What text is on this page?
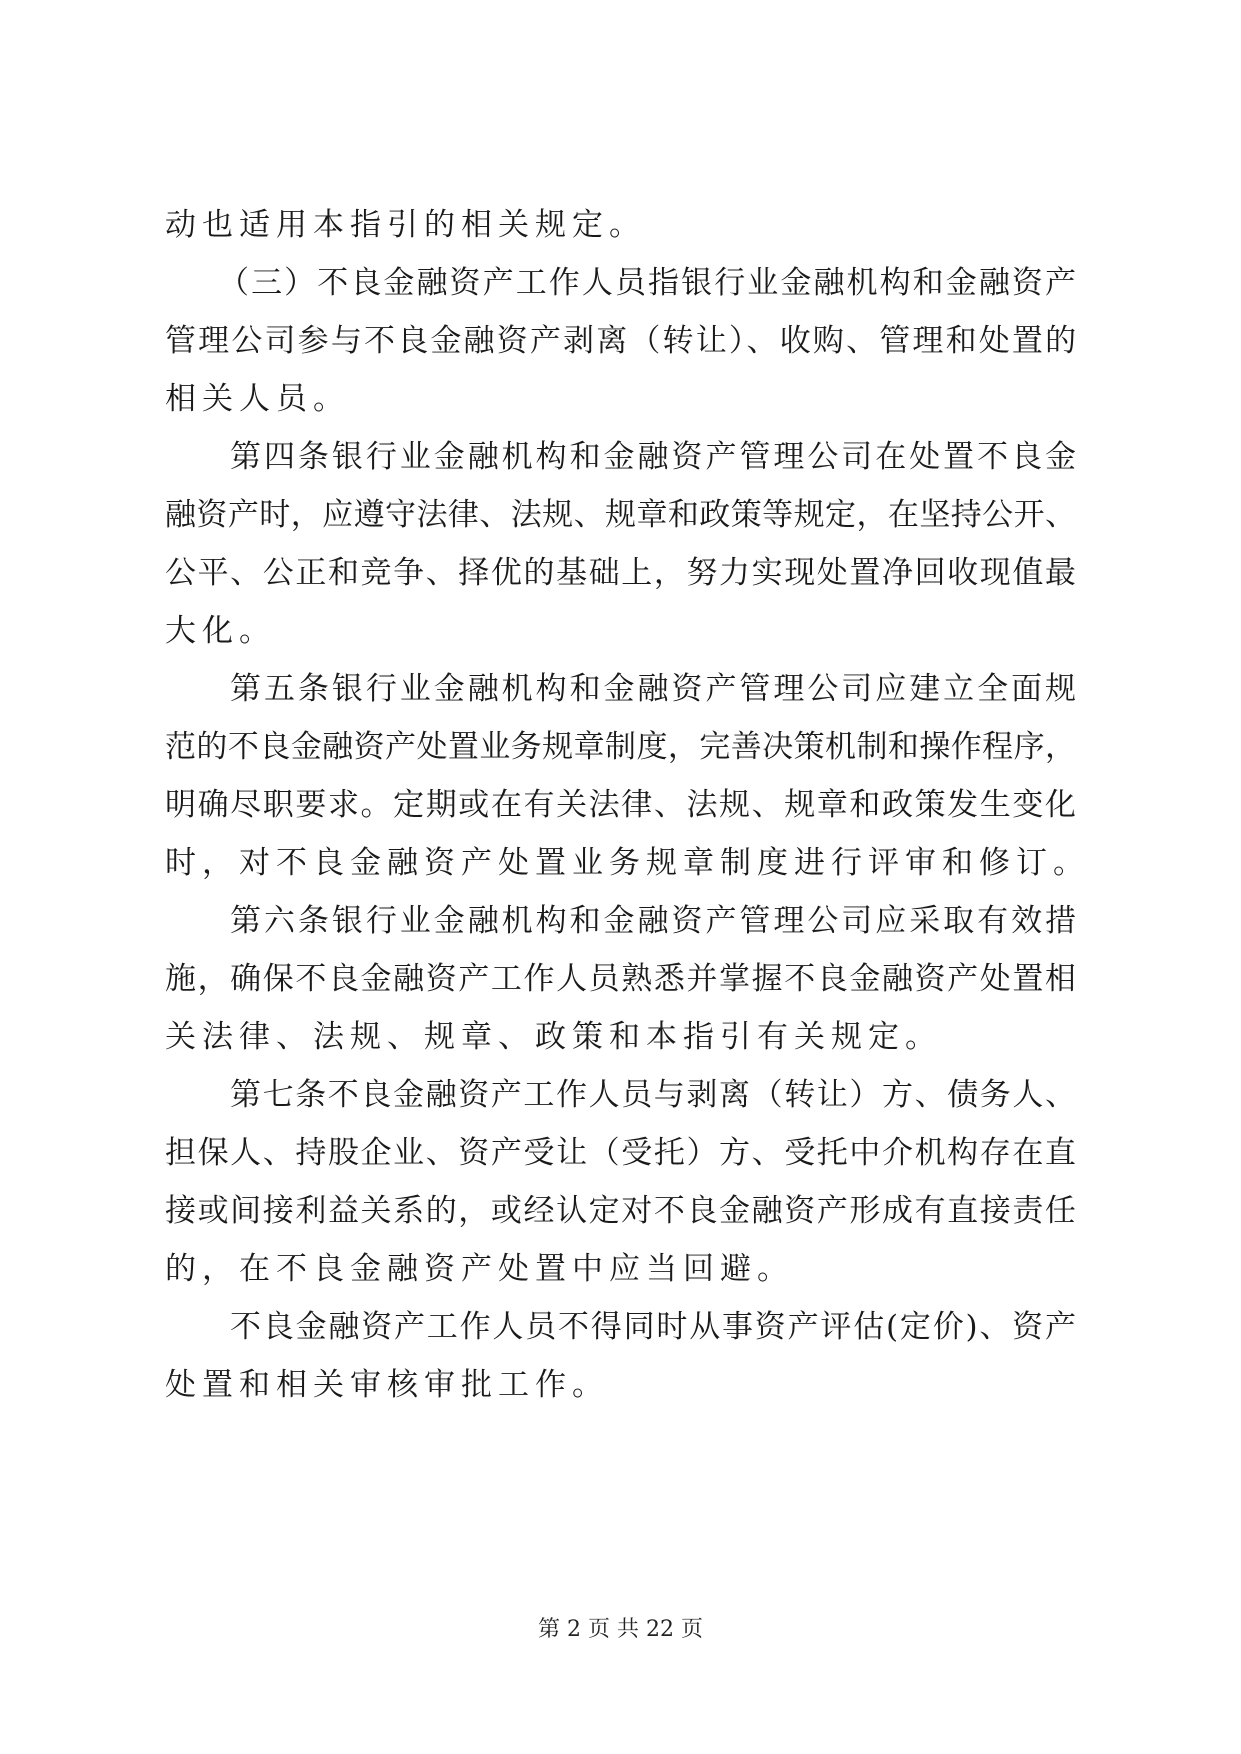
动也适用本指引的相关规定。
（三）不良金融资产工作人员指银行业金融机构和金融资产
管理公司参与不良金融资产剥离（转让）、收购、管理和处置的
相关人员。
第四条银行业金融机构和金融资产管理公司在处置不良金
融资产时，应遵守法律、法规、规章和政策等规定，在坚持公开、
公平、公正和竞争、择优的基础上，努力实现处置净回收现值最
大化。
第五条银行业金融机构和金融资产管理公司应建立全面规
范的不良金融资产处置业务规章制度，完善决策机制和操作程序，
明确尽职要求。定期或在有关法律、法规、规章和政策发生变化
时，对不良金融资产处置业务规章制度进行评审和修订。
第六条银行业金融机构和金融资产管理公司应采取有效措
施，确保不良金融资产工作人员熟悉并掌握不良金融资产处置相
关法律、法规、规章、政策和本指引有关规定。
第七条不良金融资产工作人员与剥离（转让）方、债务人、
担保人、持股企业、资产受让（受托）方、受托中介机构存在直
接或间接利益关系的，或经认定对不良金融资产形成有直接责任
的，在不良金融资产处置中应当回避。
不良金融资产工作人员不得同时从事资产评估(定价)、资产
处置和相关审核审批工作。
第 2 页 共 22 页
